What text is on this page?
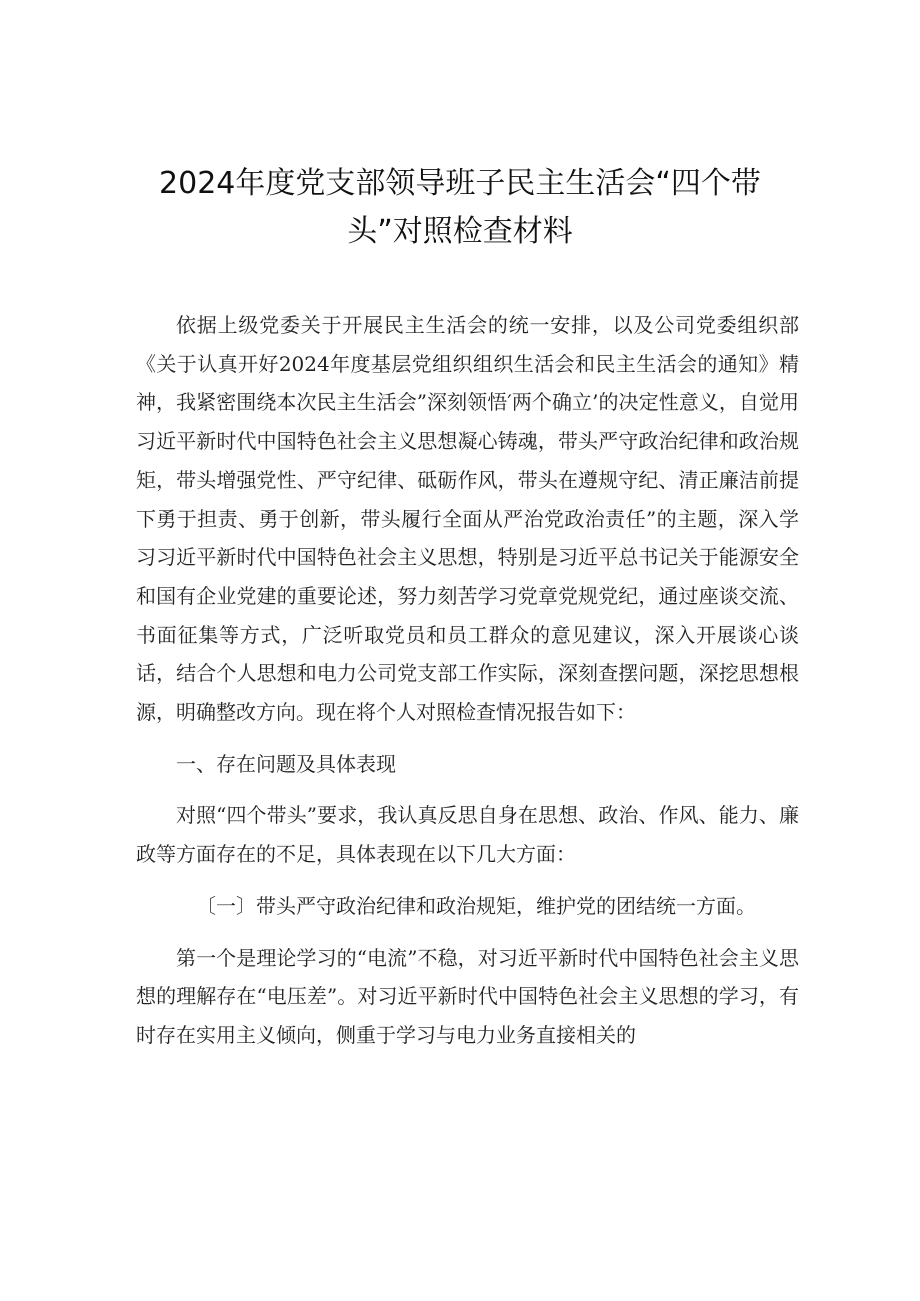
2024年度党支部领导班子民主生活会“四个带头”对照检查材料

依据上级党委关于开展民主生活会的统一安排，以及公司党委组织部《关于认真开好2024年度基层党组织组织生活会和民主生活会的通知》精神，我紧密围绕本次民主生活会”深刻领悟′两个确立’的决定性意义，自觉用习近平新时代中国特色社会主义思想凝心铸魂，带头严守政治纪律和政治规矩，带头增强党性、严守纪律、砥砺作风，带头在遵规守纪、清正廉洁前提下勇于担责、勇于创新，带头履行全面从严治党政治责任”的主题，深入学习习近平新时代中国特色社会主义思想，特别是习近平总书记关于能源安全和国有企业党建的重要论述，努力刻苦学习党章党规党纪，通过座谈交流、书面征集等方式，广泛听取党员和员工群众的意见建议，深入开展谈心谈话，结合个人思想和电力公司党支部工作实际，深刻查摆问题，深挖思想根源，明确整改方向。现在将个人对照检查情况报告如下：

一、存在问题及具体表现

对照“四个带头”要求，我认真反思自身在思想、政治、作风、能力、廉政等方面存在的不足，具体表现在以下几大方面：

〔一〕带头严守政治纪律和政治规矩，维护党的团结统一方面。

第一个是理论学习的“电流”不稳，对习近平新时代中国特色社会主义思想的理解存在“电压差”。对习近平新时代中国特色社会主义思想的学习，有时存在实用主义倾向，侧重于学习与电力业务直接相关的
